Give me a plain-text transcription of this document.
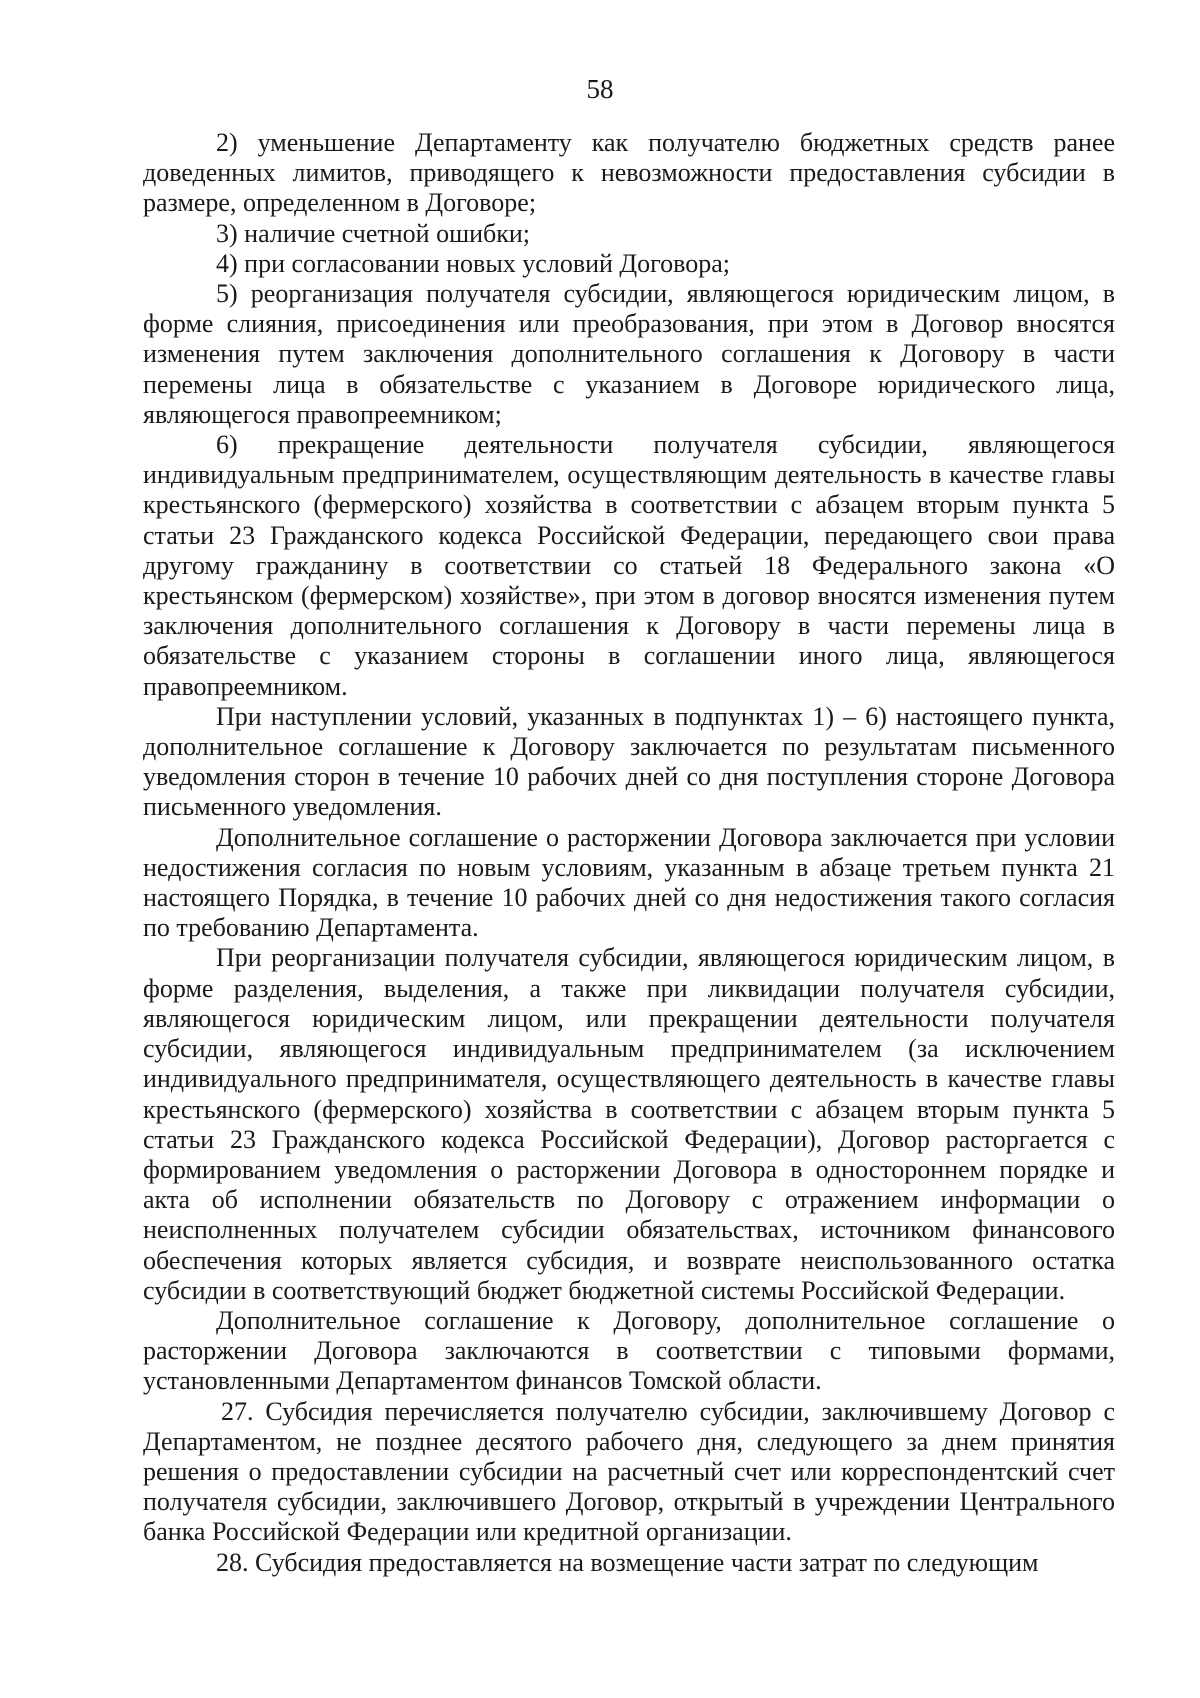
58

2) уменьшение Департаменту как получателю бюджетных средств ранее доведенных лимитов, приводящего к невозможности предоставления субсидии в размере, определенном в Договоре;

3) наличие счетной ошибки;

4) при согласовании новых условий Договора;

5) реорганизация получателя субсидии, являющегося юридическим лицом, в форме слияния, присоединения или преобразования, при этом в Договор вносятся изменения путем заключения дополнительного соглашения к Договору в части перемены лица в обязательстве с указанием в Договоре юридического лица, являющегося правопреемником;

6) прекращение деятельности получателя субсидии, являющегося индивидуальным предпринимателем, осуществляющим деятельность в качестве главы крестьянского (фермерского) хозяйства в соответствии с абзацем вторым пункта 5 статьи 23 Гражданского кодекса Российской Федерации, передающего свои права другому гражданину в соответствии со статьей 18 Федерального закона «О крестьянском (фермерском) хозяйстве», при этом в договор вносятся изменения путем заключения дополнительного соглашения к Договору в части перемены лица в обязательстве с указанием стороны в соглашении иного лица, являющегося правопреемником.

При наступлении условий, указанных в подпунктах 1) – 6) настоящего пункта, дополнительное соглашение к Договору заключается по результатам письменного уведомления сторон в течение 10 рабочих дней со дня поступления стороне Договора письменного уведомления.

Дополнительное соглашение о расторжении Договора заключается при условии недостижения согласия по новым условиям, указанным в абзаце третьем пункта 21 настоящего Порядка, в течение 10 рабочих дней со дня недостижения такого согласия по требованию Департамента.

При реорганизации получателя субсидии, являющегося юридическим лицом, в форме разделения, выделения, а также при ликвидации получателя субсидии, являющегося юридическим лицом, или прекращении деятельности получателя субсидии, являющегося индивидуальным предпринимателем (за исключением индивидуального предпринимателя, осуществляющего деятельность в качестве главы крестьянского (фермерского) хозяйства в соответствии с абзацем вторым пункта 5 статьи 23 Гражданского кодекса Российской Федерации), Договор расторгается с формированием уведомления о расторжении Договора в одностороннем порядке и акта об исполнении обязательств по Договору с отражением информации о неисполненных получателем субсидии обязательствах, источником финансового обеспечения которых является субсидия, и возврате неиспользованного остатка субсидии в соответствующий бюджет бюджетной системы Российской Федерации.

Дополнительное соглашение к Договору, дополнительное соглашение о расторжении Договора заключаются в соответствии с типовыми формами, установленными Департаментом финансов Томской области.

27. Субсидия перечисляется получателю субсидии, заключившему Договор с Департаментом, не позднее десятого рабочего дня, следующего за днем принятия решения о предоставлении субсидии на расчетный счет или корреспондентский счет получателя субсидии, заключившего Договор, открытый в учреждении Центрального банка Российской Федерации или кредитной организации.

28. Субсидия предоставляется на возмещение части затрат по следующим
